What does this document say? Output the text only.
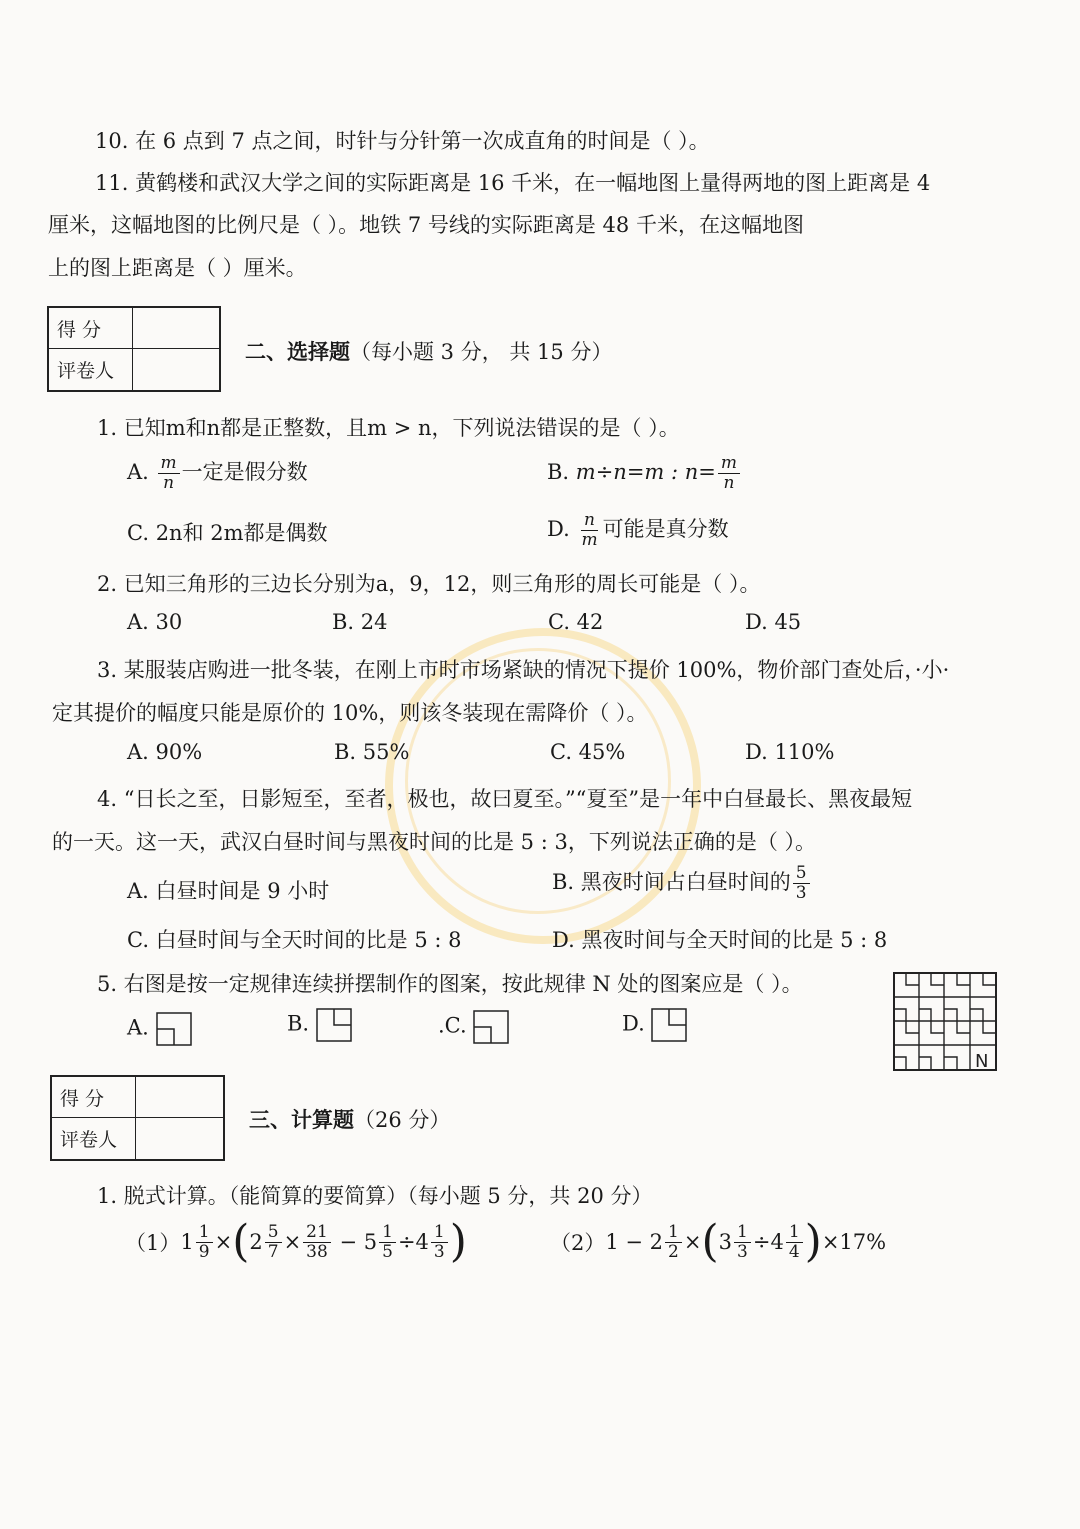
10. 在 6 点到 7 点之间，时针与分针第一次成直角的时间是（ ）。
11. 黄鹤楼和武汉大学之间的实际距离是 16 千米，在一幅地图上量得两地的图上距离是 4
厘米，这幅地图的比例尺是（ ）。地铁 7 号线的实际距离是 48 千米，在这幅地图
上的图上距离是（ ）厘米。
得 分
评卷人
二、选择题（每小题 3 分， 共 15 分）
1. 已知m和n都是正整数，且m > n，下列说法错误的是（ ）。
A. $\frac{m}{n}$ 一定是假分数	B. m÷n=m : $n= \frac{m}{n}$
C. 2n和 2m都是偶数	D. $\frac{n}{m}$ 可能是真分数
2. 已知三角形的三边长分别为a，9，12，则三角形的周长可能是（ ）。
A. 30	B. 24	C. 42	D. 45
3. 某服装店购进一批冬装，在刚上市时市场紧缺的情况下提价 100%，物价部门查处后，·小·
定其提价的幅度只能是原价的 10%，则该冬装现在需降价（ ）。
A. 90%	B. 55%	C. 45%	D. 110%
4. “日长之至，日影短至，至者，极也，故曰夏至。”“夏至”是一年中白昼最长、黑夜最短
的一天。这一天，武汉白昼时间与黑夜时间的比是 5 : 3，下列说法正确的是（ ）。
A. 白昼时间是 9 小时	B. 黑夜时间占白昼时间的 $\frac{5}{3}$
C. 白昼时间与全天时间的比是 5 : 8	D. 黑夜时间与全天时间的比是 5 : 8
5. 右图是按一定规律连续拼摆制作的图案，按此规律 N 处的图案应是（ ）。
A.	B.	.C.	D.
N
得 分
评卷人
三、计算题（26 分）
1. 脱式计算。（能简算的要简算）（每小题 5 分，共 20 分）
（1） $1 \frac{1}{9}$ × ( $2 \frac{5}{7} \times \frac{21}{38} - 5 \frac{1}{5} \div 4 \frac{1}{3}$ )	（2） $1 - 2 \frac{1}{2}$ × ( $3 \frac{1}{3} \div 4 \frac{1}{4}$ ) ×17%
